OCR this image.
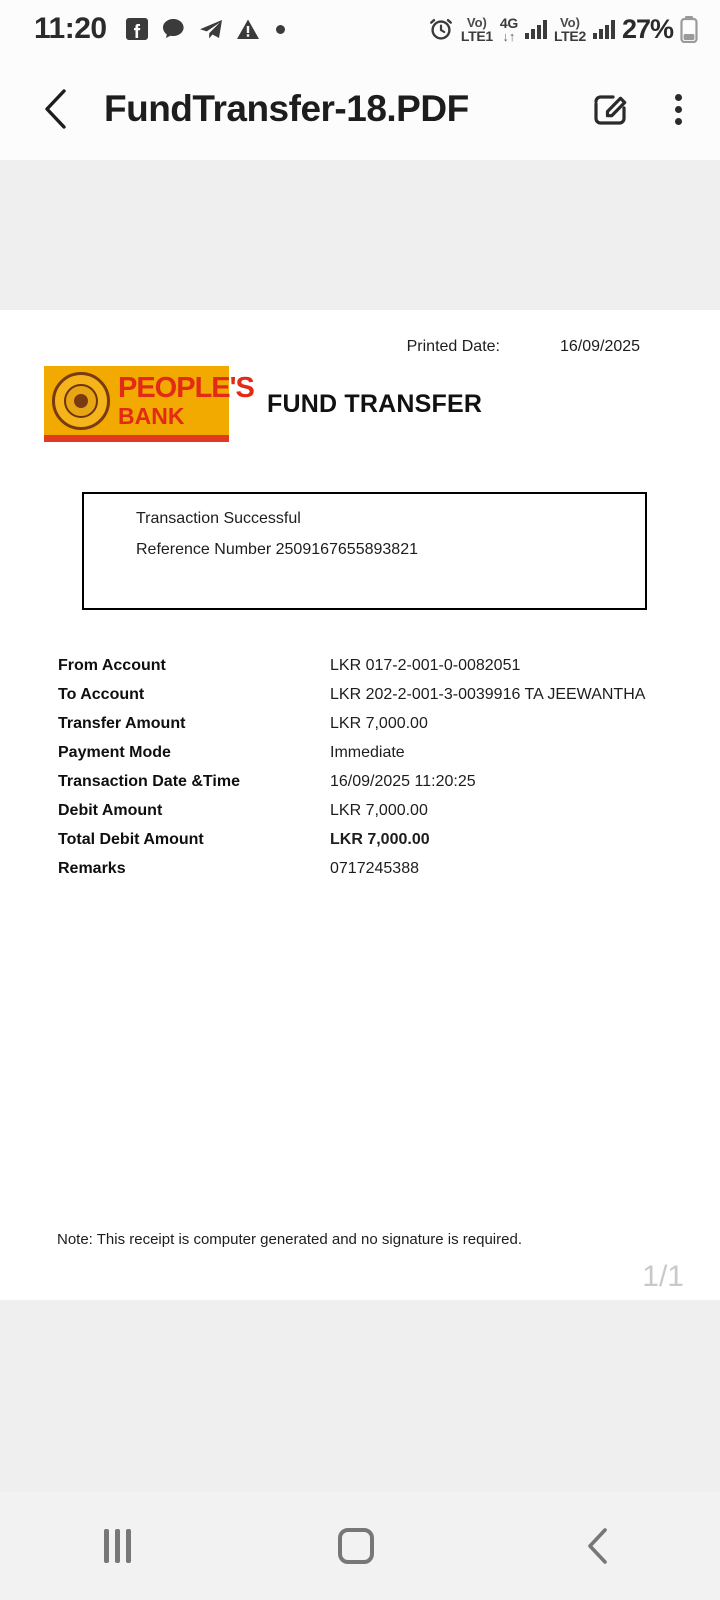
11:20	Vo)
LTE1
4G
↓↑
Vo)
LTE2 27%
FundTransfer-18.PDF
Printed Date:	16/09/2025
PEOPLE'S
BANK	FUND TRANSFER
Transaction Successful
Reference Number 2509167655893821
From Account	LKR 017-2-001-0-0082051
To Account	LKR 202-2-001-3-0039916 TA JEEWANTHA
Transfer Amount	LKR 7,000.00
Payment Mode	Immediate
Transaction Date &Time	16/09/2025 11:20:25
Debit Amount	LKR 7,000.00
Total Debit Amount	LKR 7,000.00
Remarks	0717245388
Note: This receipt is computer generated and no signature is required.
1/1
